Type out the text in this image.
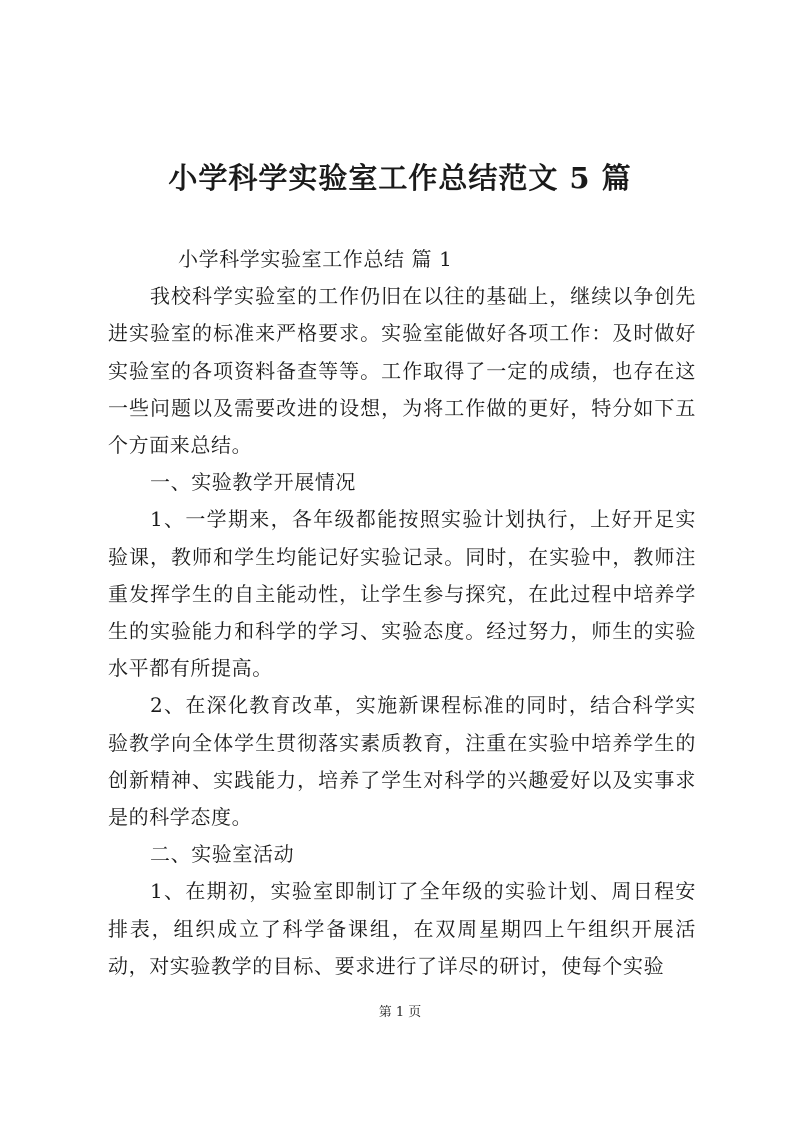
小学科学实验室工作总结范文 5 篇

小学科学实验室工作总结 篇 1

我校科学实验室的工作仍旧在以往的基础上，继续以争创先进实验室的标准来严格要求。实验室能做好各项工作：及时做好实验室的各项资料备查等等。工作取得了一定的成绩，也存在这一些问题以及需要改进的设想，为将工作做的更好，特分如下五个方面来总结。

一、实验教学开展情况

1、一学期来，各年级都能按照实验计划执行，上好开足实验课，教师和学生均能记好实验记录。同时，在实验中，教师注重发挥学生的自主能动性，让学生参与探究，在此过程中培养学生的实验能力和科学的学习、实验态度。经过努力，师生的实验水平都有所提高。

2、在深化教育改革，实施新课程标准的同时，结合科学实验教学向全体学生贯彻落实素质教育，注重在实验中培养学生的创新精神、实践能力，培养了学生对科学的兴趣爱好以及实事求是的科学态度。

二、实验室活动

1、在期初，实验室即制订了全年级的实验计划、周日程安排表，组织成立了科学备课组，在双周星期四上午组织开展活动，对实验教学的目标、要求进行了详尽的研讨，使每个实验

第 1 页
